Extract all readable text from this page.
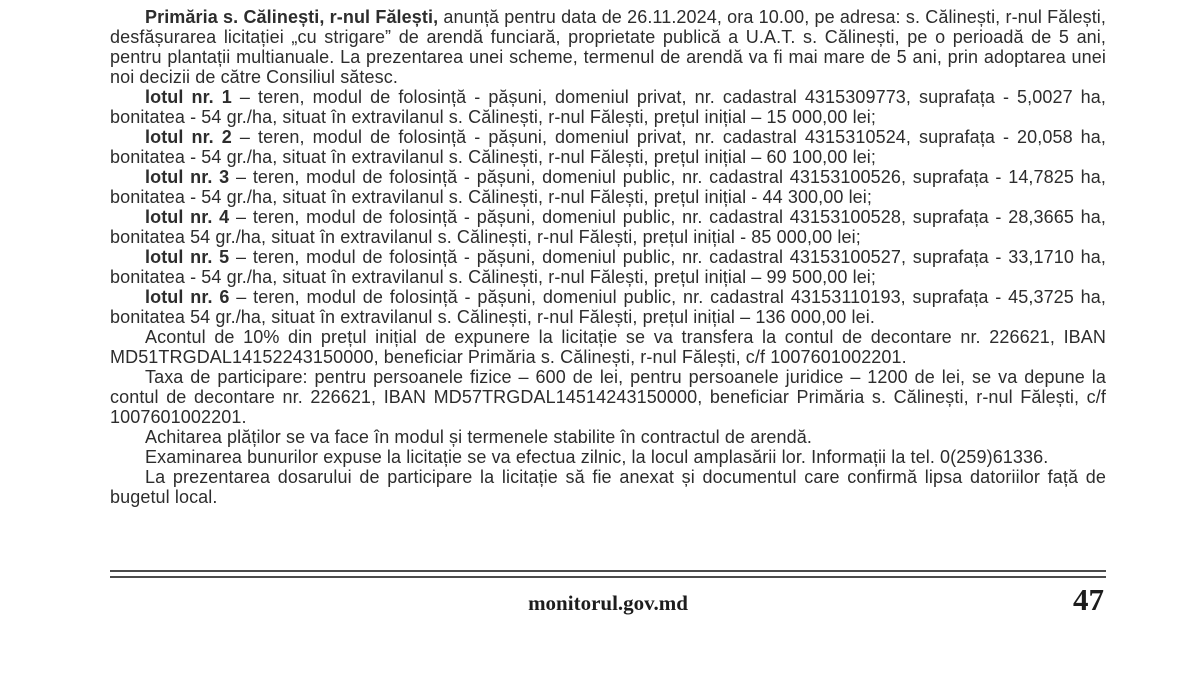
Primăria s. Călinești, r-nul Fălești, anunță pentru data de 26.11.2024, ora 10.00, pe adresa: s. Călinești, r-nul Fălești, desfășurarea licitației „cu strigare” de arendă funciară, proprietate publică a U.A.T. s. Călinești, pe o perioadă de 5 ani, pentru plantații multianuale. La prezentarea unei scheme, termenul de arendă va fi mai mare de 5 ani, prin adoptarea unei noi decizii de către Consiliul sătesc.

lotul nr. 1 – teren, modul de folosință - pășuni, domeniul privat, nr. cadastral 4315309773, suprafața - 5,0027 ha, bonitatea - 54 gr./ha, situat în extravilanul s. Călinești, r-nul Fălești, prețul inițial – 15 000,00 lei;

lotul nr. 2 – teren, modul de folosință - pășuni, domeniul privat, nr. cadastral 4315310524, suprafața - 20,058 ha, bonitatea - 54 gr./ha, situat în extravilanul s. Călinești, r-nul Fălești, prețul inițial – 60 100,00 lei;

lotul nr. 3 – teren, modul de folosință - pășuni, domeniul public, nr. cadastral 43153100526, suprafața - 14,7825 ha, bonitatea - 54 gr./ha, situat în extravilanul s. Călinești, r-nul Fălești, prețul inițial - 44 300,00 lei;

lotul nr. 4 – teren, modul de folosință - pășuni, domeniul public, nr. cadastral 43153100528, suprafața - 28,3665 ha, bonitatea 54 gr./ha, situat în extravilanul s. Călinești, r-nul Fălești, prețul inițial - 85 000,00 lei;

lotul nr. 5 – teren, modul de folosință - pășuni, domeniul public, nr. cadastral 43153100527, suprafața - 33,1710 ha, bonitatea - 54 gr./ha, situat în extravilanul s. Călinești, r-nul Fălești, prețul inițial – 99 500,00 lei;

lotul nr. 6 – teren, modul de folosință - pășuni, domeniul public, nr. cadastral 43153110193, suprafața - 45,3725 ha, bonitatea 54 gr./ha, situat în extravilanul s. Călinești, r-nul Fălești, prețul inițial – 136 000,00 lei.

Acontul de 10% din prețul inițial de expunere la licitație se va transfera la contul de decontare nr. 226621, IBAN MD51TRGDAL14152243150000, beneficiar Primăria s. Călinești, r-nul Fălești, c/f 1007601002201.

Taxa de participare: pentru persoanele fizice – 600 de lei, pentru persoanele juridice – 1200 de lei, se va depune la contul de decontare nr. 226621, IBAN MD57TRGDAL14514243150000, beneficiar Primăria s. Călinești, r-nul Fălești, c/f 1007601002201.

Achitarea plăților se va face în modul și termenele stabilite în contractul de arendă.

Examinarea bunurilor expuse la licitație se va efectua zilnic, la locul amplasării lor. Informații la tel. 0(259)61336.

La prezentarea dosarului de participare la licitație să fie anexat și documentul care confirmă lipsa datoriilor față de bugetul local.

monitorul.gov.md	47
